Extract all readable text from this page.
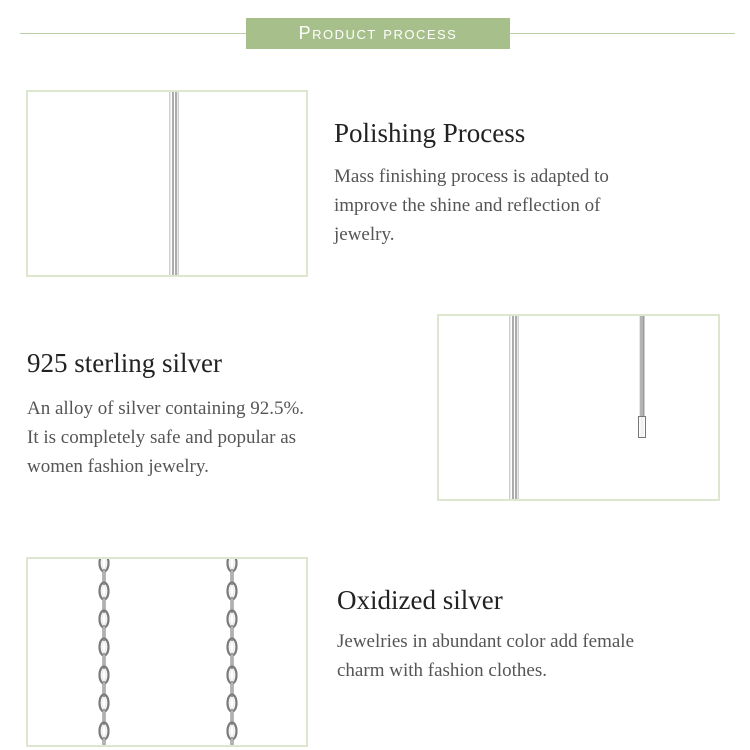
Product process
Polishing Process
Mass finishing process is adapted to
improve the shine and reflection of
jewelry.
925 sterling silver
An alloy of silver containing 92.5%.
It is completely safe and popular as
women fashion jewelry.
Oxidized silver
Jewelries in abundant color add female
charm with fashion clothes.
